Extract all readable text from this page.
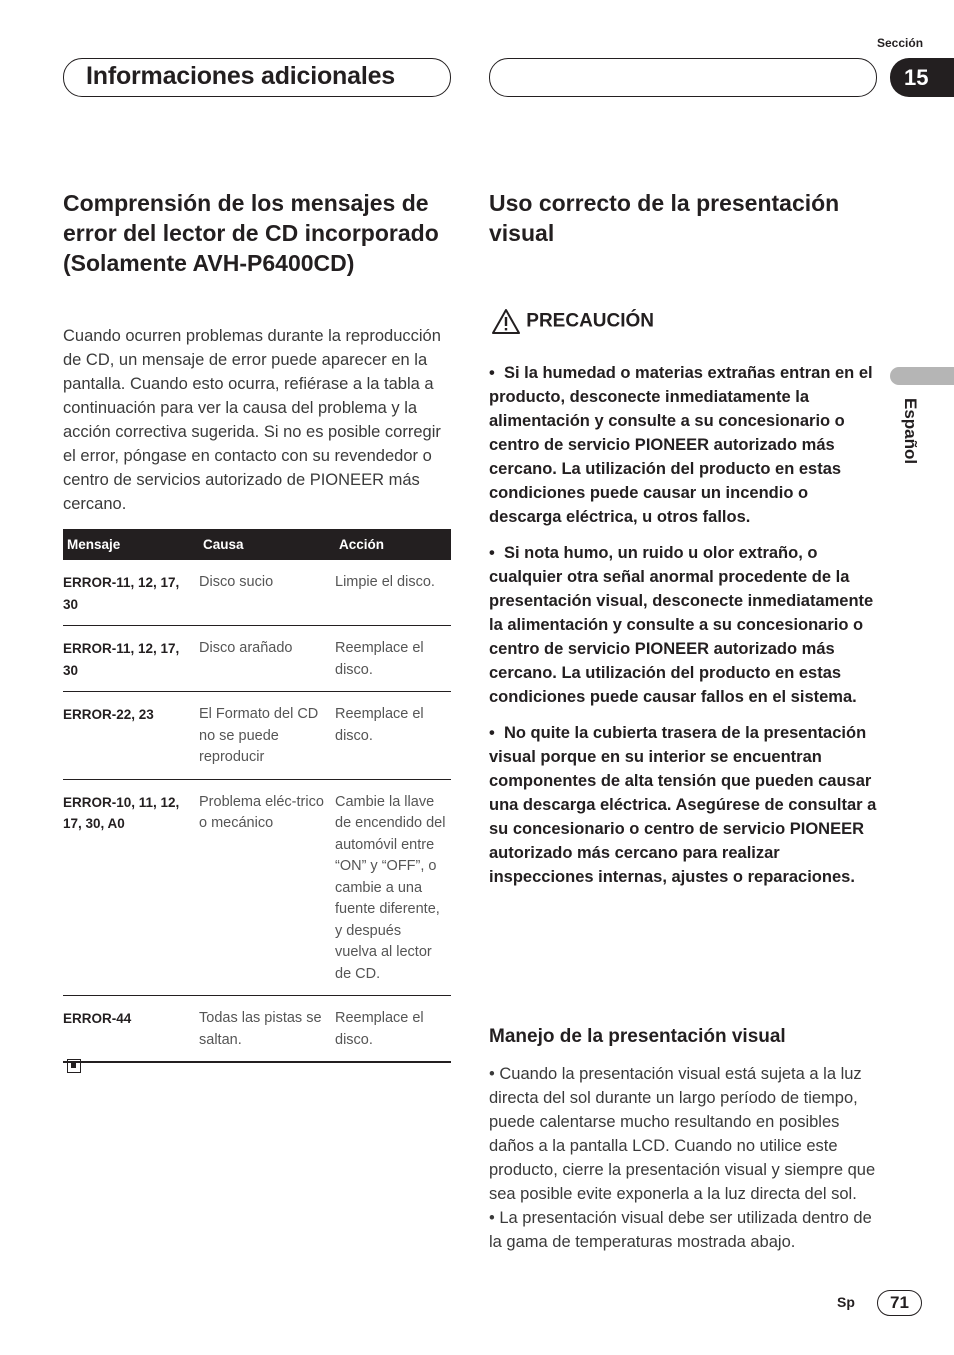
Sección
Informaciones adicionales	15
Español
Comprensión de los mensajes de error del lector de CD incorporado (Solamente AVH-P6400CD)

Cuando ocurren problemas durante la reproducción de CD, un mensaje de error puede aparecer en la pantalla. Cuando esto ocurra, refiérase a la tabla a continuación para ver la causa del problema y la acción correctiva sugerida. Si no es posible corregir el error, póngase en contacto con su revendedor o centro de servicios autorizado de PIONEER más cercano.

Mensaje	Causa	Acción
ERROR-11, 12, 17, 30	Disco sucio	Limpie el disco.
ERROR-11, 12, 17, 30	Disco arañado	Reemplace el disco.
ERROR-22, 23	El Formato del CD no se puede reproducir	Reemplace el disco.
ERROR-10, 11, 12, 17, 30, A0	Problema eléc-trico o mecánico	Cambie la llave de encendido del automóvil entre “ON” y “OFF”, o cambie a una fuente diferente, y después vuelva al lector de CD.
ERROR-44	Todas las pistas se saltan.	Reemplace el disco.
Uso correcto de la presentación visual
PRECAUCIÓN

•  Si la humedad o materias extrañas entran en el producto, desconecte inmediatamente la alimentación y consulte a su concesionario o centro de servicio PIONEER autorizado más cercano. La utilización del producto en estas condiciones puede causar un incendio o descarga eléctrica, u otros fallos.

•  Si nota humo, un ruido u olor extraño, o cualquier otra señal anormal procedente de la presentación visual, desconecte inmediatamente la alimentación y consulte a su concesionario o centro de servicio PIONEER autorizado más cercano. La utilización del producto en estas condiciones puede causar fallos en el sistema.

•  No quite la cubierta trasera de la presentación visual porque en su interior se encuentran componentes de alta tensión que pueden causar una descarga eléctrica. Asegúrese de consultar a su concesionario o centro de servicio PIONEER autorizado más cercano para realizar inspecciones internas, ajustes o reparaciones.

Manejo de la presentación visual

• Cuando la presentación visual está sujeta a la luz directa del sol durante un largo período de tiempo, puede calentarse mucho resultando en posibles daños a la pantalla LCD. Cuando no utilice este producto, cierre la presentación visual y siempre que sea posible evite exponerla a la luz directa del sol.

• La presentación visual debe ser utilizada dentro de la gama de temperaturas mostrada abajo.

Sp	71
